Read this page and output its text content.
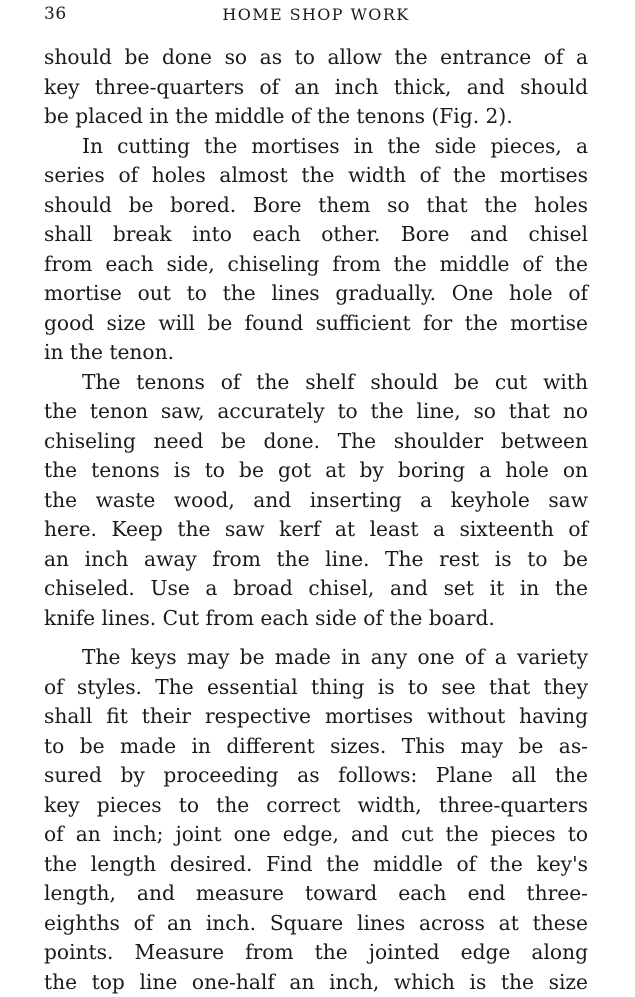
36	HOME SHOP WORK
should be done so as to allow the entrance of a
key three-quarters of an inch thick, and should
be placed in the middle of the tenons (Fig. 2).
In cutting the mortises in the side pieces, a
series of holes almost the width of the mortises
should be bored. Bore them so that the holes
shall break into each other. Bore and chisel
from each side, chiseling from the middle of the
mortise out to the lines gradually. One hole of
good size will be found sufficient for the mortise
in the tenon.
The tenons of the shelf should be cut with
the tenon saw, accurately to the line, so that no
chiseling need be done. The shoulder between
the tenons is to be got at by boring a hole on
the waste wood, and inserting a keyhole saw
here. Keep the saw kerf at least a sixteenth of
an inch away from the line. The rest is to be
chiseled. Use a broad chisel, and set it in the
knife lines. Cut from each side of the board.
The keys may be made in any one of a variety
of styles. The essential thing is to see that they
shall fit their respective mortises without having
to be made in different sizes. This may be as-
sured by proceeding as follows: Plane all the
key pieces to the correct width, three-quarters
of an inch; joint one edge, and cut the pieces to
the length desired. Find the middle of the key's
length, and measure toward each end three-
eighths of an inch. Square lines across at these
points. Measure from the jointed edge along
the top line one-half an inch, which is the size
